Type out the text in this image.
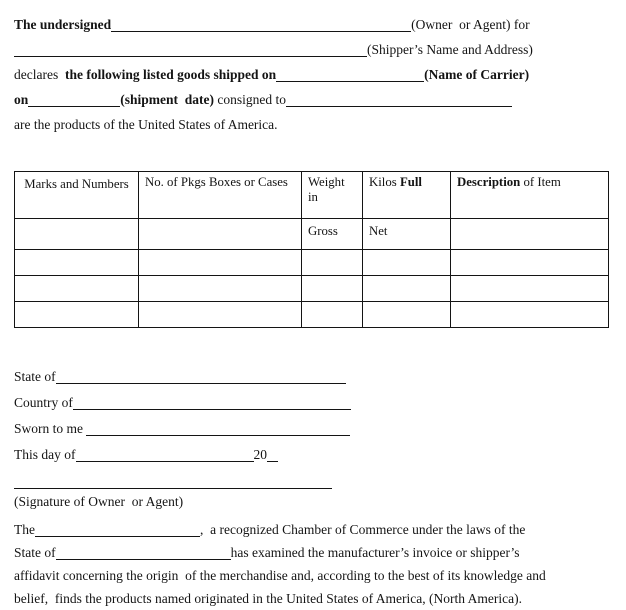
The undersigned	(Owner  or Agent) for
(Shipper’s Name and Address)
declares  the following listed goods shipped on	(Name of Carrier)
on	(shipment  date) consigned to
are the products of the United States of America.
Marks and Numbers	No. of Pkgs Boxes or Cases	Weight in	Kilos Full	Description of Item
		Gross	Net	

State of
Country of
Sworn to me
This day of	20
(Signature of Owner  or Agent)
The	,  a recognized Chamber of Commerce under the laws of the
State of	has examined the manufacturer’s invoice or shipper’s
affidavit concerning the origin  of the merchandise and, according to the best of its knowledge and
belief,  finds the products named originated in the United States of America, (North America).
